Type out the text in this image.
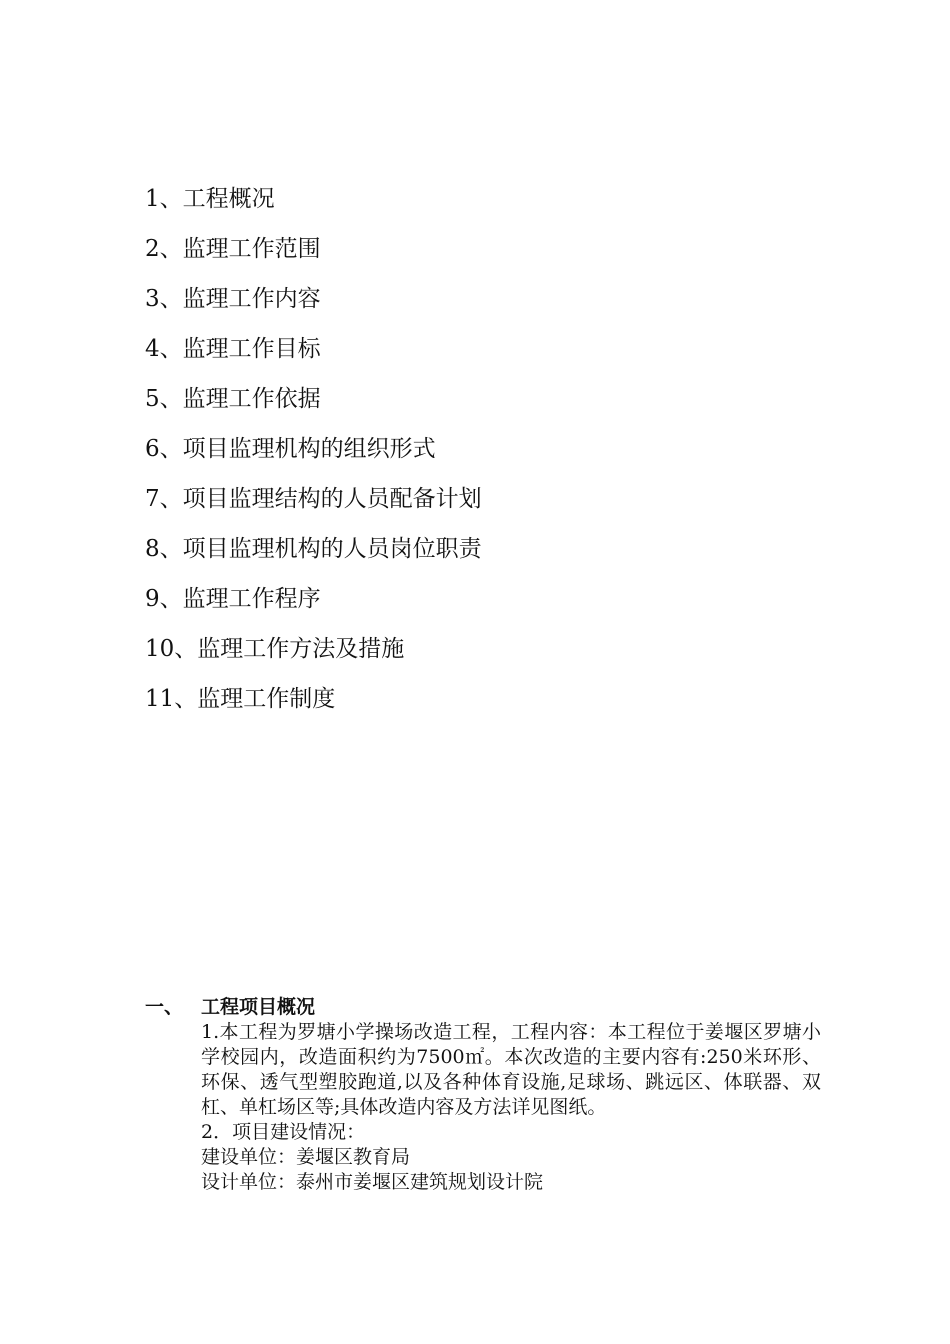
1、工程概况
2、监理工作范围
3、监理工作内容
4、监理工作目标
5、监理工作依据
6、项目监理机构的组织形式
7、项目监理结构的人员配备计划
8、项目监理机构的人员岗位职责
9、监理工作程序
10、监理工作方法及措施
11、监理工作制度
一、 工程项目概况

1.本工程为罗塘小学操场改造工程，工程内容：本工程位于姜堰区罗塘小学校园内，改造面积约为7500㎡。本次改造的主要内容有:250米环形、环保、透气型塑胶跑道,以及各种体育设施,足球场、跳远区、体联器、双杠、单杠场区等;具体改造内容及方法详见图纸。

2．项目建设情况：

建设单位：姜堰区教育局

设计单位：泰州市姜堰区建筑规划设计院
